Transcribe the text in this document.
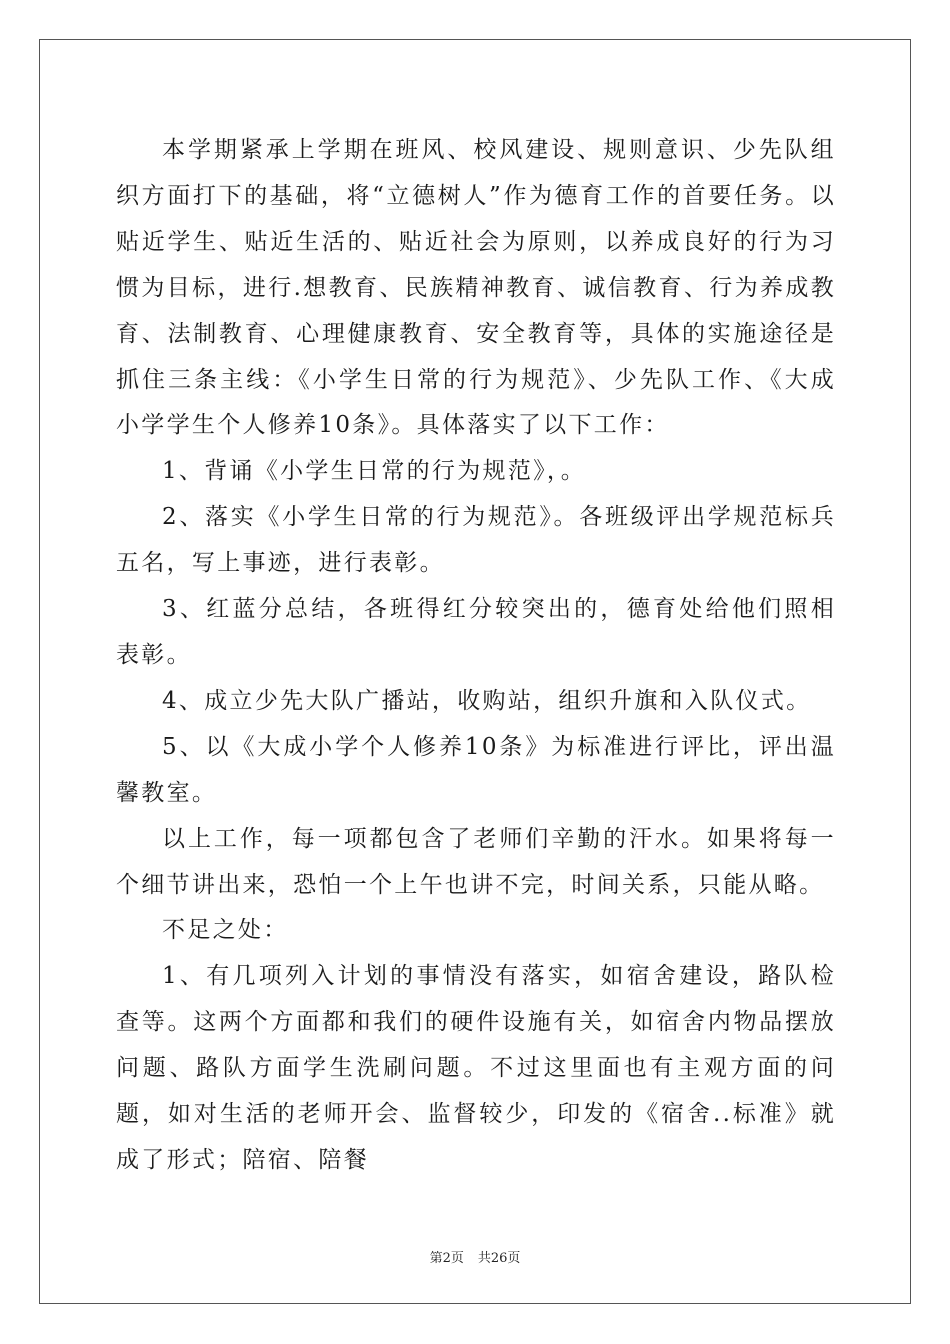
本学期紧承上学期在班风、校风建设、规则意识、少先队组织方面打下的基础，将“立德树人”作为德育工作的首要任务。以贴近学生、贴近生活的、贴近社会为原则，以养成良好的行为习惯为目标，进行.想教育、民族精神教育、诚信教育、行为养成教育、法制教育、心理健康教育、安全教育等，具体的实施途径是抓住三条主线：《小学生日常的行为规范》、少先队工作、《大成小学学生个人修养10条》。具体落实了以下工作：

1、背诵《小学生日常的行为规范》，。

2、落实《小学生日常的行为规范》。各班级评出学规范标兵五名，写上事迹，进行表彰。

3、红蓝分总结，各班得红分较突出的，德育处给他们照相表彰。

4、成立少先大队广播站，收购站，组织升旗和入队仪式。

5、以《大成小学个人修养10条》为标准进行评比，评出温馨教室。

以上工作，每一项都包含了老师们辛勤的汗水。如果将每一个细节讲出来，恐怕一个上午也讲不完，时间关系，只能从略。

不足之处：

1、有几项列入计划的事情没有落实，如宿舍建设，路队检查等。这两个方面都和我们的硬件设施有关，如宿舍内物品摆放问题、路队方面学生洗刷问题。不过这里面也有主观方面的问题，如对生活的老师开会、监督较少，印发的《宿舍..标准》就成了形式；陪宿、陪餐

第2页 共26页
